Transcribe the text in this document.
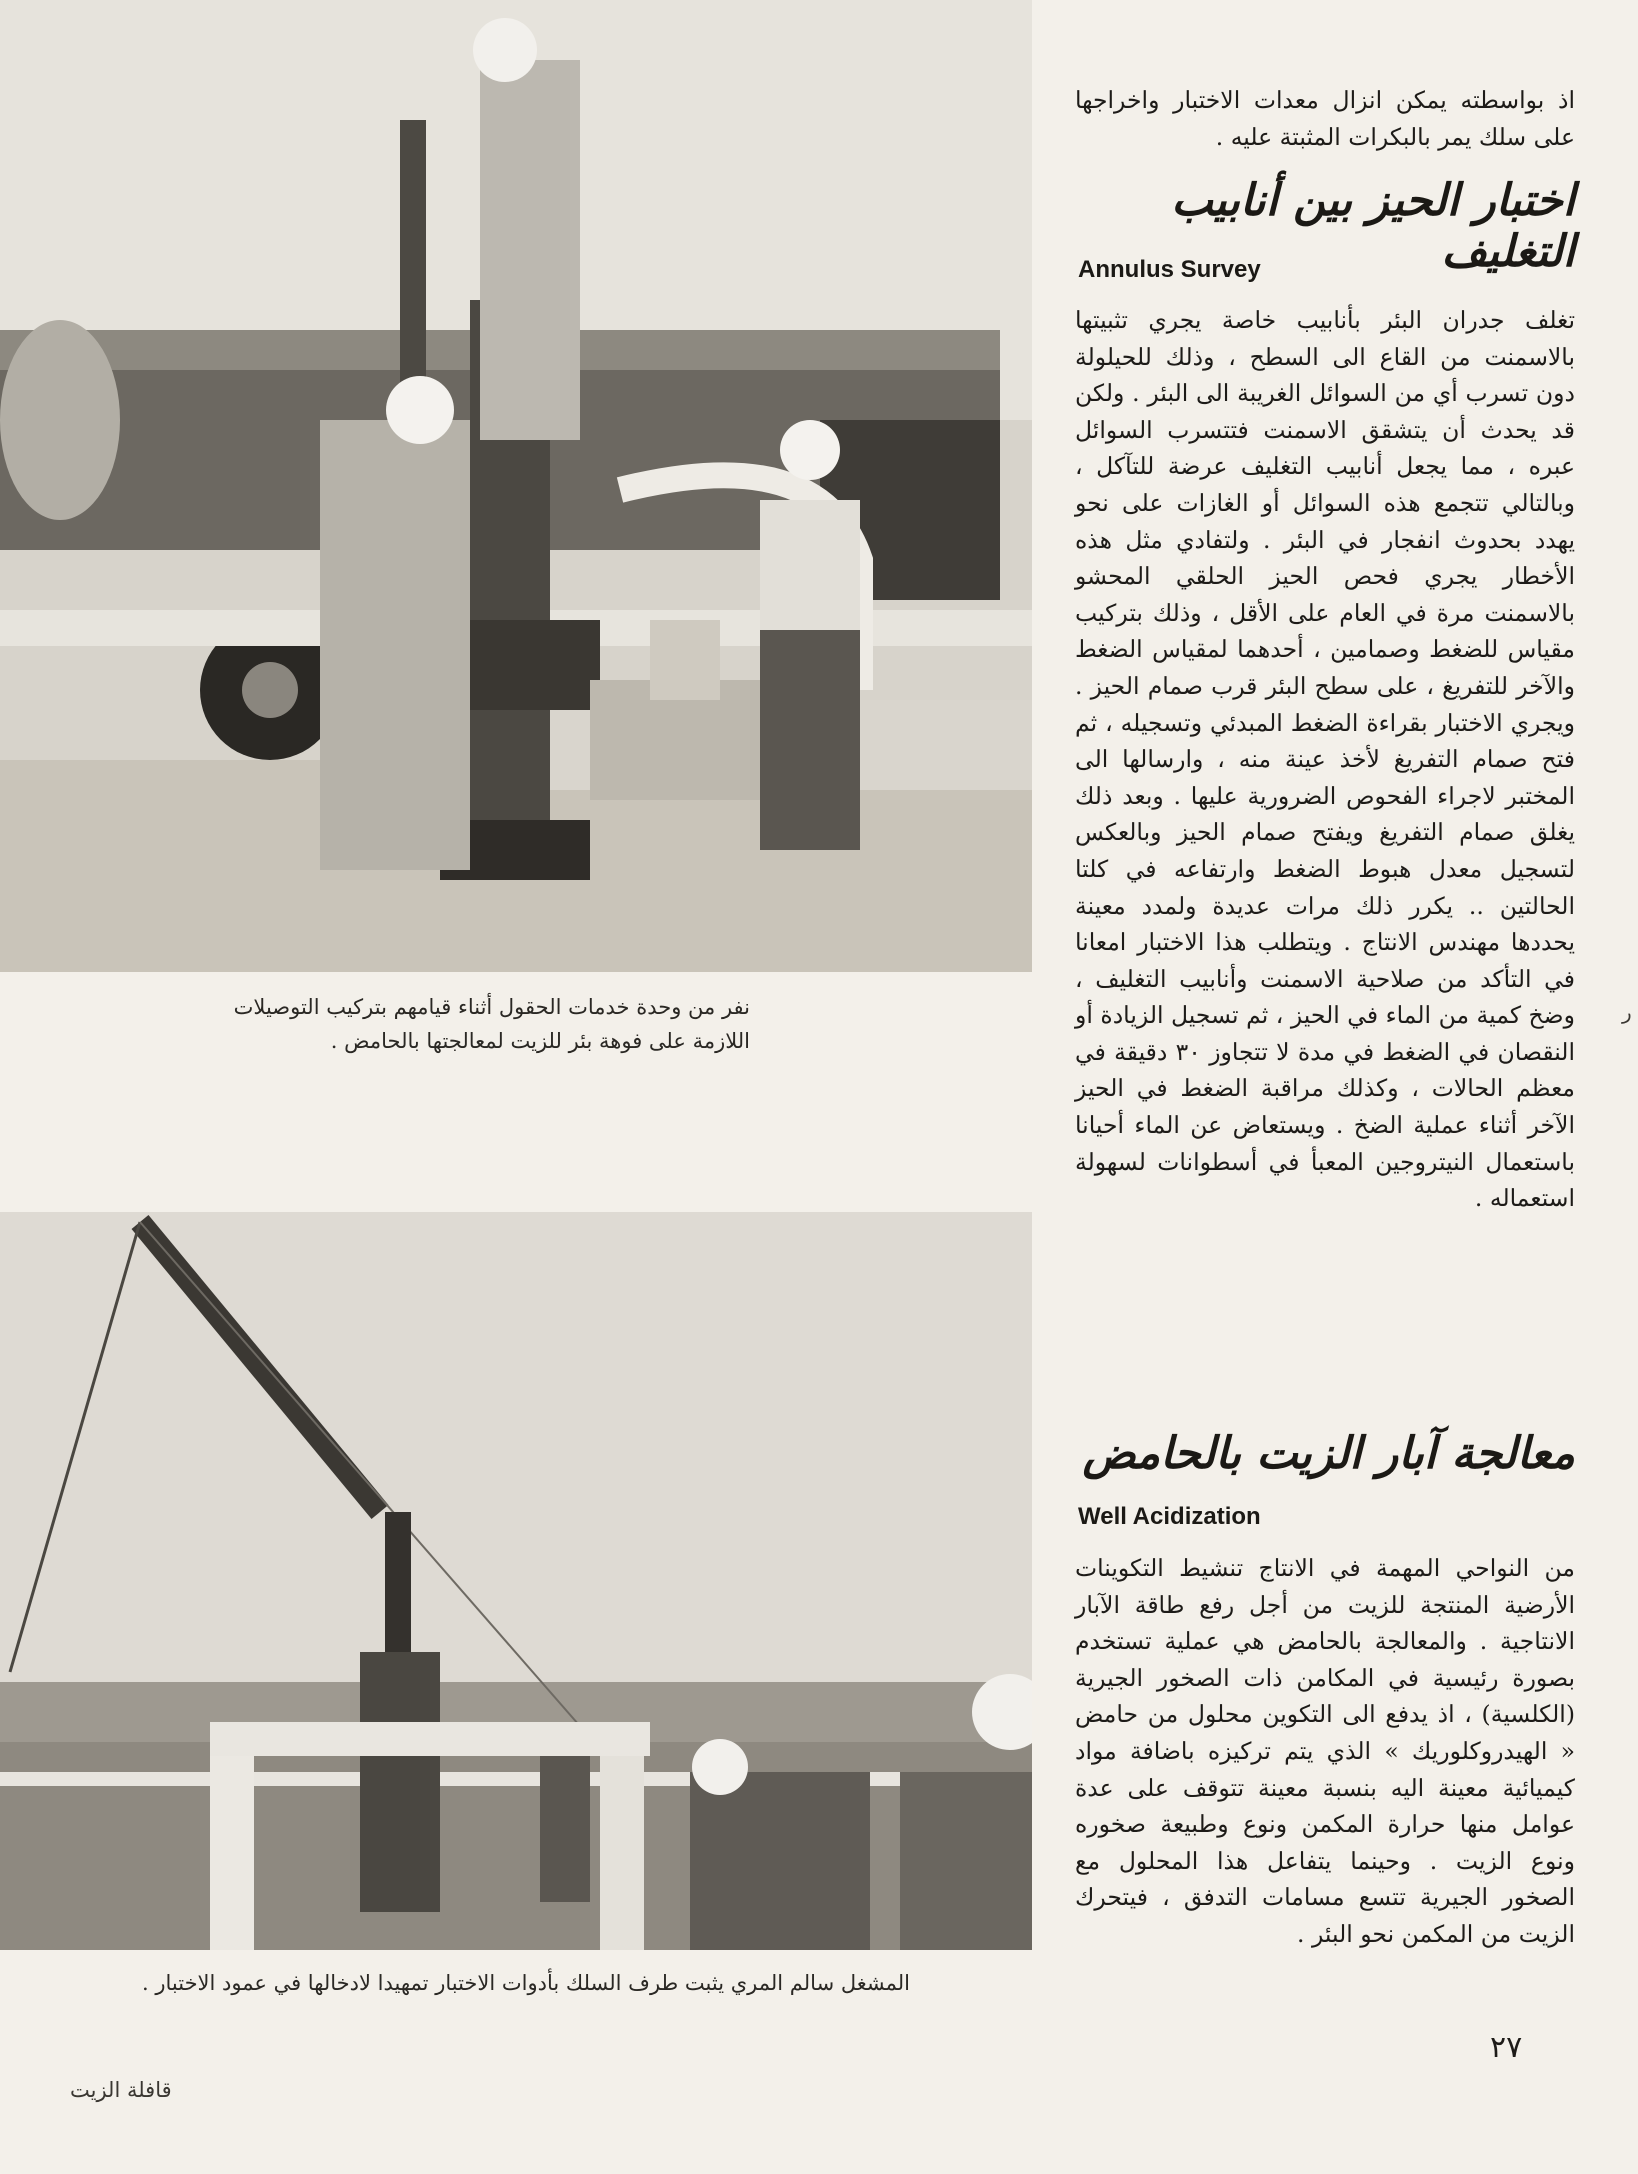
نفر من وحدة خدمات الحقول أثناء قيامهم بتركيب التوصيلات اللازمة على فوهة بئر للزيت لمعالجتها بالحامض .
المشغل سالم المري يثبت طرف السلك بأدوات الاختبار تمهيدا لادخالها في عمود الاختبار .

اذ بواسطته يمكن انزال معدات الاختبار واخراجها على سلك يمر بالبكرات المثبتة عليه .

اختبار الحيز بين أنابيب التغليف
Annulus Survey

تغلف جدران البئر بأنابيب خاصة يجري تثبيتها بالاسمنت من القاع الى السطح ، وذلك للحيلولة دون تسرب أي من السوائل الغريبة الى البئر . ولكن قد يحدث أن يتشقق الاسمنت فتتسرب السوائل عبره ، مما يجعل أنابيب التغليف عرضة للتآكل ، وبالتالي تتجمع هذه السوائل أو الغازات على نحو يهدد بحدوث انفجار في البئر . ولتفادي مثل هذه الأخطار يجري فحص الحيز الحلقي المحشو بالاسمنت مرة في العام على الأقل ، وذلك بتركيب مقياس للضغط وصمامين ، أحدهما لمقياس الضغط والآخر للتفريغ ، على سطح البئر قرب صمام الحيز . ويجري الاختبار بقراءة الضغط المبدئي وتسجيله ، ثم فتح صمام التفريغ لأخذ عينة منه ، وارسالها الى المختبر لاجراء الفحوص الضرورية عليها . وبعد ذلك يغلق صمام التفريغ ويفتح صمام الحيز وبالعكس لتسجيل معدل هبوط الضغط وارتفاعه في كلتا الحالتين .. يكرر ذلك مرات عديدة ولمدد معينة يحددها مهندس الانتاج . ويتطلب هذا الاختبار امعانا في التأكد من صلاحية الاسمنت وأنابيب التغليف ، وضخ كمية من الماء في الحيز ، ثم تسجيل الزيادة أو النقصان في الضغط في مدة لا تتجاوز ٣٠ دقيقة في معظم الحالات ، وكذلك مراقبة الضغط في الحيز الآخر أثناء عملية الضخ . ويستعاض عن الماء أحيانا باستعمال النيتروجين المعبأ في أسطوانات لسهولة استعماله .

معالجة آبار الزيت بالحامض
Well Acidization

من النواحي المهمة في الانتاج تنشيط التكوينات الأرضية المنتجة للزيت من أجل رفع طاقة الآبار الانتاجية . والمعالجة بالحامض هي عملية تستخدم بصورة رئيسية في المكامن ذات الصخور الجيرية (الكلسية) ، اذ يدفع الى التكوين محلول من حامض « الهيدروكلوريك » الذي يتم تركيزه باضافة مواد كيميائية معينة اليه بنسبة معينة تتوقف على عدة عوامل منها حرارة المكمن ونوع وطبيعة صخوره ونوع الزيت . وحينما يتفاعل هذا المحلول مع الصخور الجيرية تتسع مسامات التدفق ، فيتحرك الزيت من المكمن نحو البئر .

ر
٢٧
قافلة الزيت
